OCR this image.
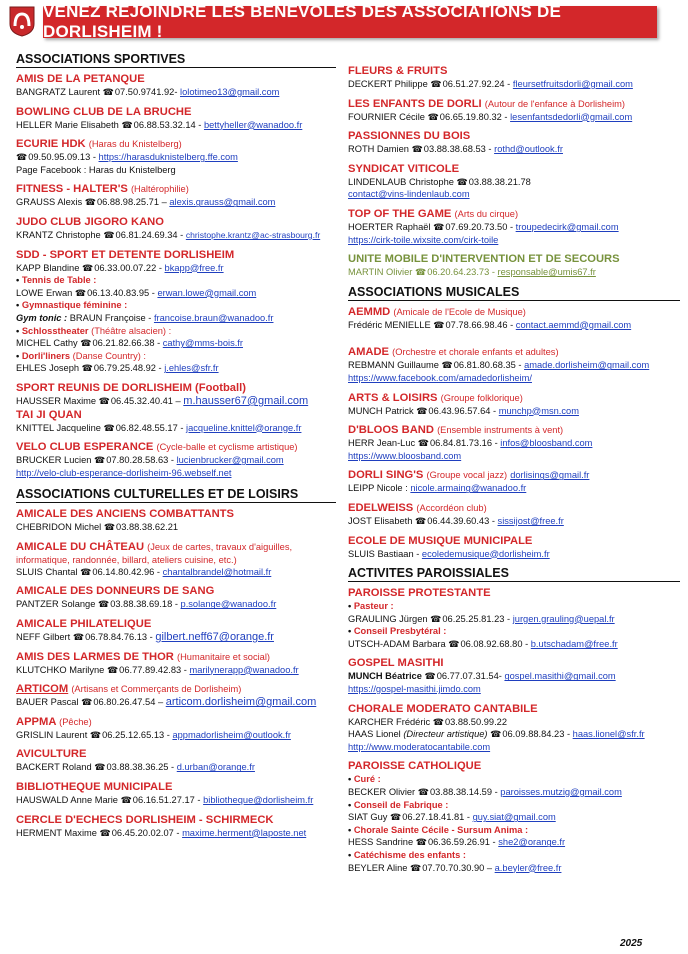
VENEZ REJOINDRE LES BENEVOLES DES ASSOCIATIONS DE DORLISHEIM !
ASSOCIATIONS SPORTIVES
AMIS DE LA PETANQUE
BANGRATZ Laurent ☎ 07.50.9741.92- lolotimeo13@gmail.com
BOWLING CLUB DE LA BRUCHE
HELLER Marie Elisabeth ☎ 06.88.53.32.14 - bettyheller@wanadoo.fr
ECURIE HDK (Haras du Knistelberg)
☎ 09.50.95.09.13 - https://harasduknistelberg.ffe.com
Page Facebook : Haras du Knistelberg
FITNESS - HALTER'S (Haltérophilie)
GRAUSS Alexis ☎ 06.88.98.25.71 – alexis.grauss@gmail.com
JUDO CLUB JIGORO KANO
KRANTZ Christophe ☎ 06.81.24.69.34 - christophe.krantz@ac-strasbourg.fr
SDD - SPORT ET DETENTE DORLISHEIM
KAPP Blandine ☎ 06.33.00.07.22 - bkapp@free.fr
• Tennis de Table :
LOWE Erwan ☎ 06.13.40.83.95 - erwan.lowe@gmail.com
• Gymnastique féminine :
Gym tonic : BRAUN Françoise - francoise.braun@wanadoo.fr
• Schlosstheater (Théâtre alsacien) :
MICHEL Cathy ☎ 06.21.82.66.38 - cathy@mms-bois.fr
• Dorli'liners (Danse Country) :
EHLES Joseph ☎ 06.79.25.48.92 - j.ehles@sfr.fr
SPORT REUNIS DE DORLISHEIM (Football)
HAUSSER Maxime ☎ 06.45.32.40.41 – m.hausser67@gmail.com
TAI JI QUAN
KNITTEL Jacqueline ☎ 06.82.48.55.17 - jacqueline.knittel@orange.fr
VELO CLUB ESPERANCE (Cycle-balle et cyclisme artistique)
BRUCKER Lucien ☎ 07.80.28.58.63 - lucienbrucker@gmail.com
http://velo-club-esperance-dorlisheim-96.webself.net
ASSOCIATIONS CULTURELLES ET DE LOISIRS
AMICALE DES ANCIENS COMBATTANTS
CHEBRIDON Michel ☎ 03.88.38.62.21
AMICALE DU CHÂTEAU (Jeux de cartes, travaux d'aiguilles,
informatique, randonnée, billard, ateliers cuisine, etc.)
SLUIS Chantal ☎ 06.14.80.42.96 - chantalbrandel@hotmail.fr
AMICALE DES DONNEURS DE SANG
PANTZER Solange ☎ 03.88.38.69.18 - p.solange@wanadoo.fr
AMICALE PHILATELIQUE
NEFF Gilbert ☎ 06.78.84.76.13 - gilbert.neff67@orange.fr
AMIS DES LARMES DE THOR (Humanitaire et social)
KLUTCHKO Marilyne ☎ 06.77.89.42.83 - marilynerapp@wanadoo.fr
ARTICOM (Artisans et Commerçants de Dorlisheim)
BAUER Pascal ☎ 06.80.26.47.54 – articom.dorlisheim@gmail.com
APPMA (Pêche)
GRISLIN Laurent ☎ 06.25.12.65.13 - appmadorlisheim@outlook.fr
AVICULTURE
BACKERT Roland ☎ 03.88.38.36.25 - d.urban@orange.fr
BIBLIOTHEQUE MUNICIPALE
HAUSWALD Anne Marie ☎ 06.16.51.27.17 - bibliotheque@dorlisheim.fr
CERCLE D'ECHECS DORLISHEIM - SCHIRMECK
HERMENT Maxime ☎ 06.45.20.02.07 - maxime.herment@laposte.net
FLEURS & FRUITS
DECKERT Philippe ☎ 06.51.27.92.24 - fleursetfruitsdorli@gmail.com
LES ENFANTS DE DORLI (Autour de l'enfance à Dorlisheim)
FOURNIER Cécile ☎ 06.65.19.80.32 - lesenfantsdedorli@gmail.com
PASSIONNES DU BOIS
ROTH Damien ☎ 03.88.38.68.53 - rothd@outlook.fr
SYNDICAT VITICOLE
LINDENLAUB Christophe ☎ 03.88.38.21.78
contact@vins-lindenlaub.com
TOP OF THE GAME (Arts du cirque)
HOERTER Raphaël ☎ 07.69.20.73.50 - troupedecirk@gmail.com
https://cirk-toile.wixsite.com/cirk-toile
UNITE MOBILE D'INTERVENTION ET DE SECOURS
MARTIN Olivier ☎ 06.20.64.23.73 - responsable@umis67.fr
ASSOCIATIONS MUSICALES
AEMMD (Amicale de l'Ecole de Musique)
Frédéric MENIELLE ☎ 07.78.66.98.46 - contact.aemmd@gmail.com
AMADE (Orchestre et chorale enfants et adultes)
REBMANN Guillaume ☎ 06.81.80.68.35 - amade.dorlisheim@gmail.com
https://www.facebook.com/amadedorlisheim/
ARTS & LOISIRS (Groupe folklorique)
MUNCH Patrick ☎ 06.43.96.57.64 - munchp@msn.com
D'BLOOS BAND (Ensemble instruments à vent)
HERR Jean-Luc ☎ 06.84.81.73.16 - infos@bloosband.com
https://www.bloosband.com
DORLI SING'S (Groupe vocal jazz) dorlisings@gmail.fr
LEIPP Nicole : nicole.armaing@wanadoo.fr
EDELWEISS (Accordéon club)
JOST Elisabeth ☎ 06.44.39.60.43 - sissijost@free.fr
ECOLE DE MUSIQUE MUNICIPALE
SLUIS Bastiaan - ecoledemusique@dorlisheim.fr
ACTIVITES PAROISSIALES
PAROISSE PROTESTANTE
• Pasteur :
GRAULING Jürgen ☎ 06.25.25.81.23 - jurgen.grauling@uepal.fr
• Conseil Presbytéral :
UTSCH-ADAM Barbara ☎ 06.08.92.68.80 - b.utschadam@free.fr
GOSPEL MASITHI
MUNCH Béatrice ☎ 06.77.07.31.54- gospel.masithi@gmail.com
https://gospel-masithi.jimdo.com
CHORALE MODERATO CANTABILE
KARCHER Frédéric ☎ 03.88.50.99.22
HAAS Lionel (Directeur artistique) ☎ 06.09.88.84.23 - haas.lionel@sfr.fr
http://www.moderatocantabile.com
PAROISSE CATHOLIQUE
• Curé :
BECKER Olivier ☎ 03.88.38.14.59 - paroisses.mutzig@gmail.com
• Conseil de Fabrique :
SIAT Guy ☎ 06.27.18.41.81 - guy.siat@gmail.com
• Chorale Sainte Cécile - Sursum Anima :
HESS Sandrine ☎ 06.36.59.26.91 - she2@orange.fr
• Catéchisme des enfants :
BEYLER Aline ☎ 07.70.70.30.90 – a.beyler@free.fr
2025
